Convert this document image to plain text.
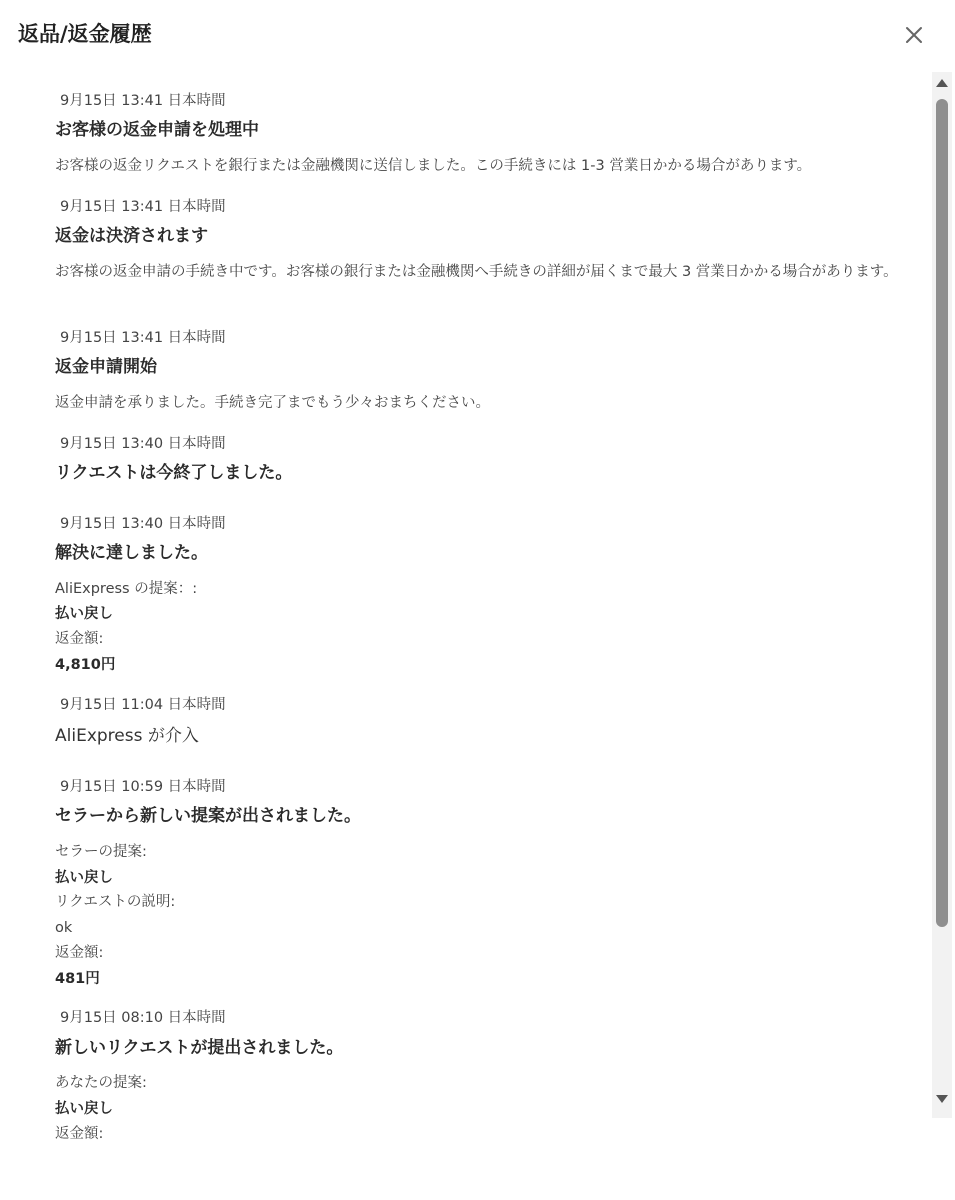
返品/返金履歴
9月15日 13:41 日本時間
お客様の返金申請を処理中
お客様の返金リクエストを銀行または金融機関に送信しました。この手続きには 1-3 営業日かかる場合があります。
9月15日 13:41 日本時間
返金は決済されます
お客様の返金申請の手続き中です。お客様の銀行または金融機関へ手続きの詳細が届くまで最大 3 営業日かかる場合があります。
9月15日 13:41 日本時間
返金申請開始
返金申請を承りました。手続き完了までもう少々おまちください。
9月15日 13:40 日本時間
リクエストは今終了しました。
9月15日 13:40 日本時間
解決に達しました。
AliExpress の提案：:
払い戻し
返金額:
4,810円
9月15日 11:04 日本時間
AliExpress が介入
9月15日 10:59 日本時間
セラーから新しい提案が出されました。
セラーの提案:
払い戻し
リクエストの説明:
ok
返金額:
481円
9月15日 08:10 日本時間
新しいリクエストが提出されました。
あなたの提案:
払い戻し
返金額:
